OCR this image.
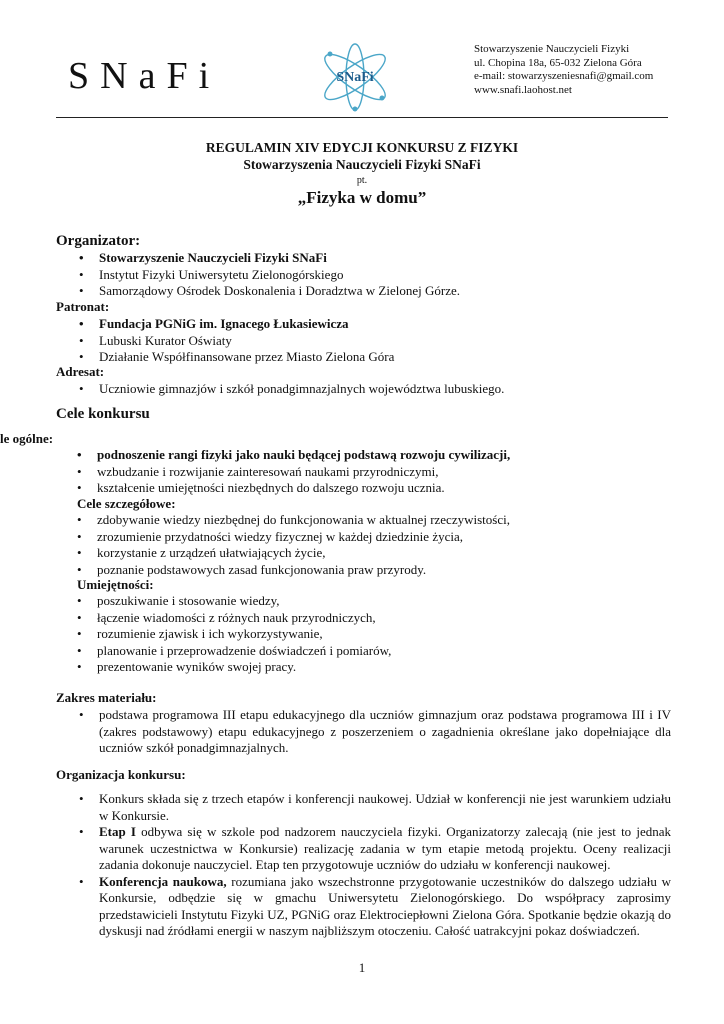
SNaFi	SNaFi
Stowarzyszenie Nauczycieli Fizyki
ul. Chopina 18a, 65-032 Zielona Góra
e-mail: stowarzyszeniesnafi@gmail.com
www.snafi.laohost.net
REGULAMIN XIV EDYCJI KONKURSU Z FIZYKI
Stowarzyszenia Nauczycieli Fizyki SNaFi
pt.
„Fizyka w domu”
Organizator:
• Stowarzyszenie Nauczycieli Fizyki SNaFi
• Instytut Fizyki Uniwersytetu Zielonogórskiego
• Samorządowy Ośrodek Doskonalenia i Doradztwa w Zielonej Górze.
Patronat:
• Fundacja PGNiG im. Ignacego Łukasiewicza
• Lubuski Kurator Oświaty
• Działanie Współfinansowane przez Miasto Zielona Góra
Adresat:
• Uczniowie gimnazjów i szkół ponadgimnazjalnych województwa lubuskiego.
Cele konkursu
le ogólne:
• podnoszenie rangi fizyki jako nauki będącej podstawą rozwoju cywilizacji,
• wzbudzanie i rozwijanie zainteresowań naukami przyrodniczymi,
• kształcenie umiejętności niezbędnych do dalszego rozwoju ucznia.
Cele szczegółowe:
• zdobywanie wiedzy niezbędnej do funkcjonowania w aktualnej rzeczywistości,
• zrozumienie przydatności wiedzy fizycznej w każdej dziedzinie życia,
• korzystanie z urządzeń ułatwiających życie,
• poznanie podstawowych zasad funkcjonowania praw przyrody.
Umiejętności:
• poszukiwanie i stosowanie wiedzy,
• łączenie wiadomości z różnych nauk przyrodniczych,
• rozumienie zjawisk i ich wykorzystywanie,
• planowanie i przeprowadzenie doświadczeń i pomiarów,
• prezentowanie wyników swojej pracy.
Zakres materiału:
• podstawa programowa III etapu edukacyjnego dla uczniów gimnazjum oraz podstawa programowa III i IV (zakres podstawowy) etapu edukacyjnego z poszerzeniem o zagadnienia określane jako dopełniające dla uczniów szkół ponadgimnazjalnych.
Organizacja konkursu:
• Konkurs składa się z trzech etapów i konferencji naukowej. Udział w konferencji nie jest warunkiem udziału w Konkursie.
• Etap I odbywa się w szkole pod nadzorem nauczyciela fizyki. Organizatorzy zalecają (nie jest to jednak warunek uczestnictwa w Konkursie) realizację zadania w tym etapie metodą projektu. Oceny realizacji zadania dokonuje nauczyciel. Etap ten przygotowuje uczniów do udziału w konferencji naukowej.
• Konferencja naukowa, rozumiana jako wszechstronne przygotowanie uczestników do dalszego udziału w Konkursie, odbędzie się w gmachu Uniwersytetu Zielonogórskiego. Do współpracy zaprosimy przedstawicieli Instytutu Fizyki UZ, PGNiG oraz Elektrociepłowni Zielona Góra. Spotkanie będzie okazją do dyskusji nad źródłami energii w naszym najbliższym otoczeniu. Całość uatrakcyjni pokaz doświadczeń.
1
